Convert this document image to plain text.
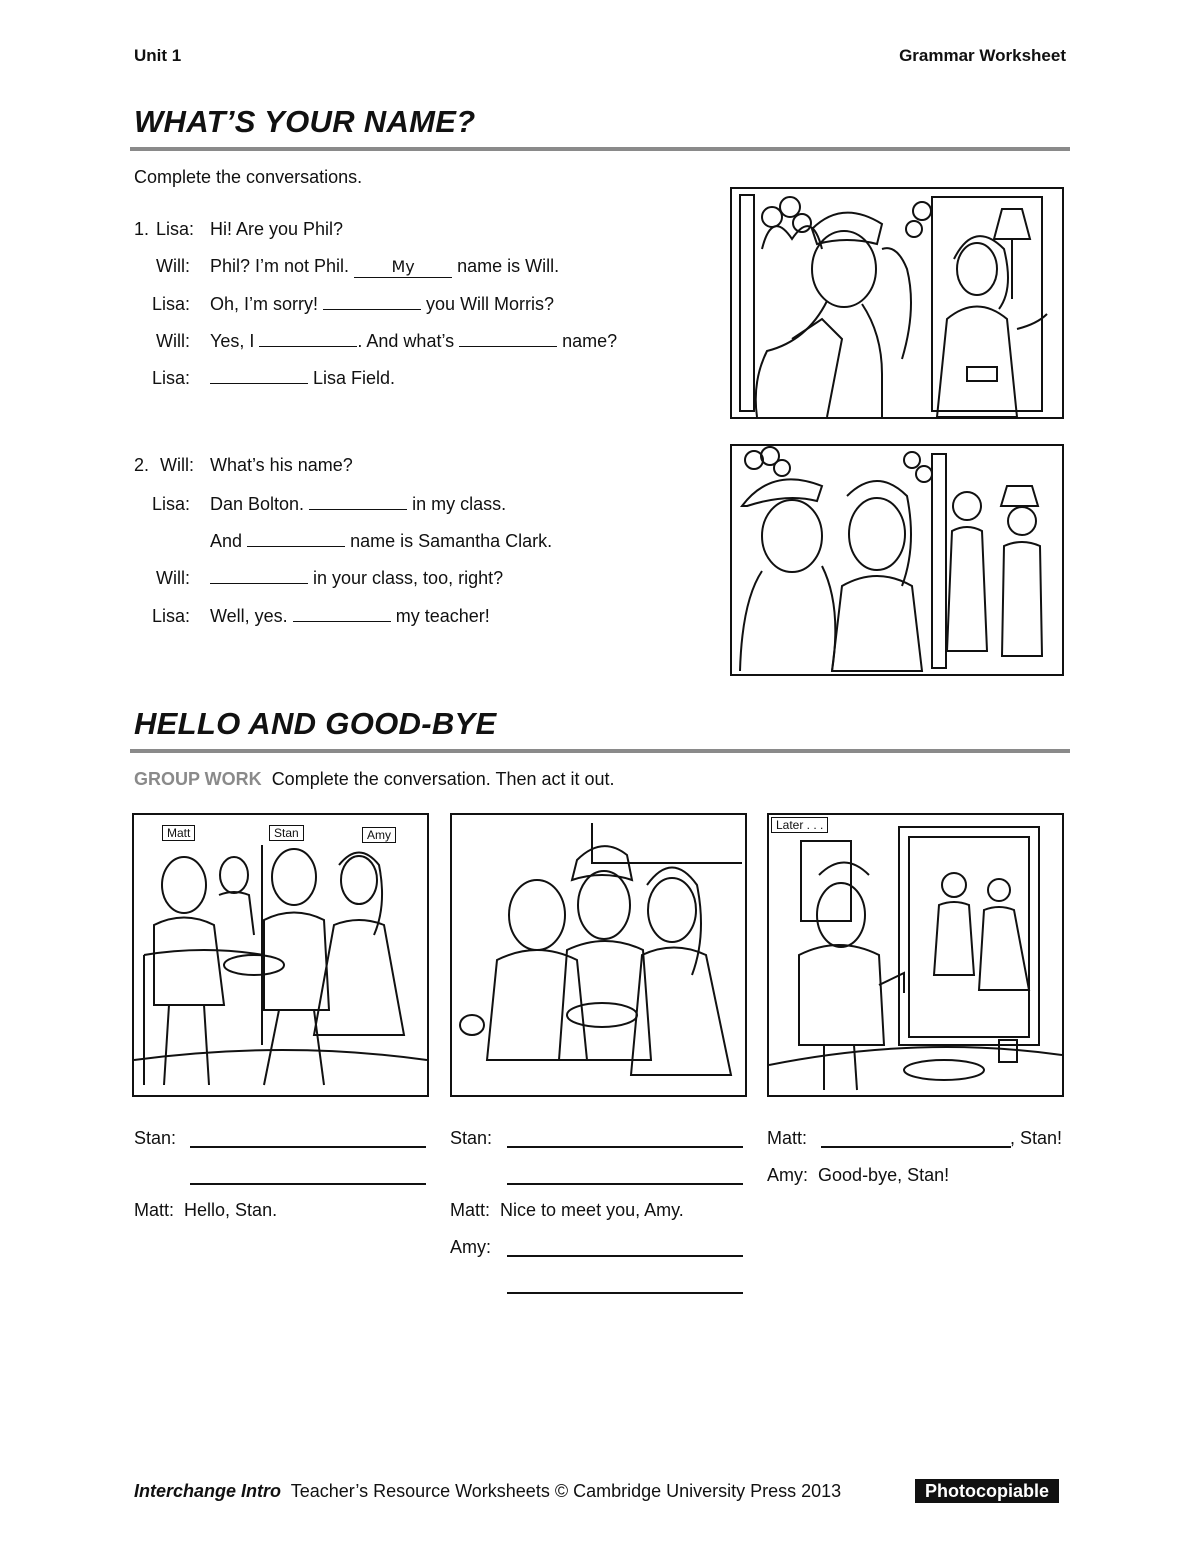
Unit 1	Grammar Worksheet
WHAT’S YOUR NAME?
Complete the conversations.
1. Lisa: Hi! Are you Phil?
Will: Phil? I’m not Phil.	My name is Will.
Lisa: Oh, I’m sorry!	you Will Morris?
Will: Yes, I	. And what’s	name?
Lisa:	Lisa Field.
2. Will: What’s his name?
Lisa: Dan Bolton.	in my class.
And	name is Samantha Clark.
Will:	in your class, too, right?
Lisa: Well, yes.	my teacher!
HELLO AND GOOD-BYE
GROUP WORK Complete the conversation. Then act it out.
Matt	Stan	Amy
Later . . .
Stan:
Matt: Hello, Stan.
Stan:
Matt: Nice to meet you, Amy.
Amy:
Matt:	, Stan!
Amy: Good-bye, Stan!
Interchange Intro Teacher’s Resource Worksheets © Cambridge University Press 2013	Photocopiable
